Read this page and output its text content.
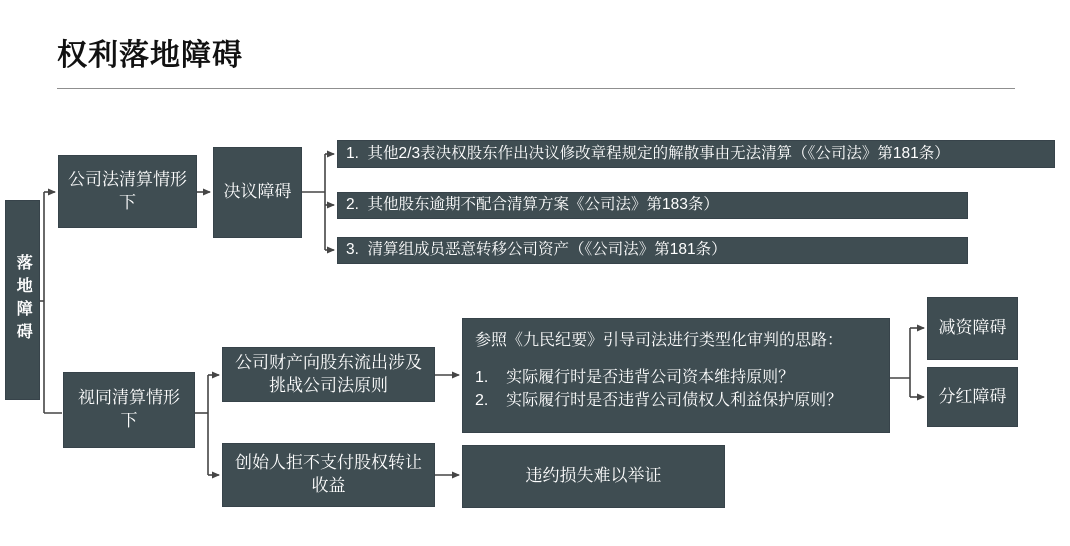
权利落地障碍
落地障碍
公司法清算情形下
决议障碍
1.  其他2/3表决权股东作出决议修改章程规定的解散事由无法清算（《公司法》第181条）
2.  其他股东逾期不配合清算方案《公司法》第183条）
3.  清算组成员恶意转移公司资产（《公司法》第181条）
视同清算情形下
公司财产向股东流出涉及挑战公司法原则
参照《九民纪要》引导司法进行类型化审判的思路：
1.    实际履行时是否违背公司资本维持原则？
2.    实际履行时是否违背公司债权人利益保护原则？
减资障碍
分红障碍
创始人拒不支付股权转让收益
违约损失难以举证
